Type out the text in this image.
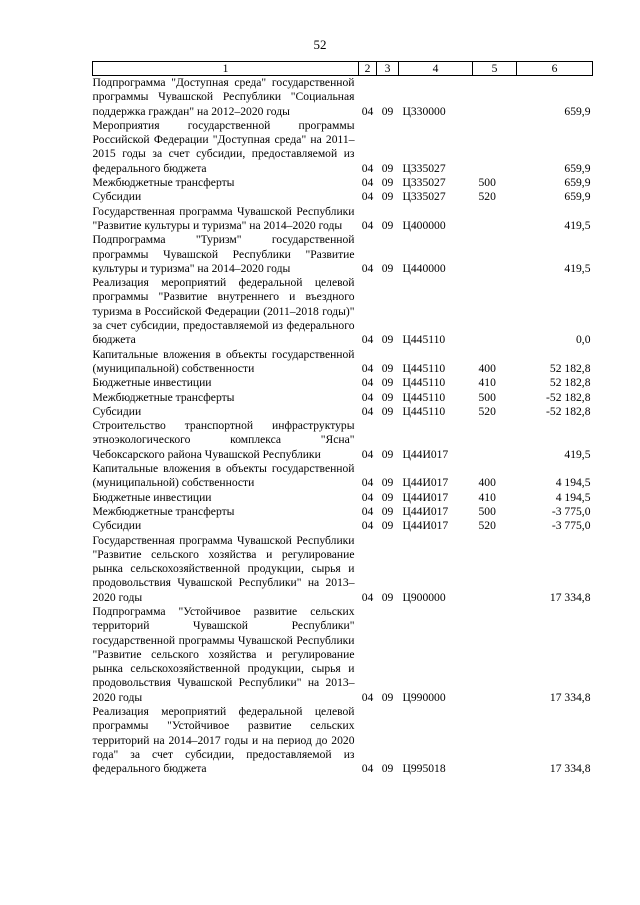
52
1	2	3	4	5	6
Подпрограмма "Доступная среда" государственной программы Чувашской Республики "Социальная поддержка граждан" на 2012–2020 годы	04	09	Ц330000		659,9
Мероприятия государственной программы Российской Федерации "Доступная среда" на 2011–2015 годы за счет субсидии, предоставляемой из федерального бюджета	04	09	Ц335027		659,9
Межбюджетные трансферты	04	09	Ц335027	500	659,9
Субсидии	04	09	Ц335027	520	659,9
Государственная программа Чувашской Республики "Развитие культуры и туризма" на 2014–2020 годы	04	09	Ц400000		419,5
Подпрограмма "Туризм" государственной программы Чувашской Республики "Развитие культуры и туризма" на 2014–2020 годы	04	09	Ц440000		419,5
Реализация мероприятий федеральной целевой программы "Развитие внутреннего и въездного туризма в Российской Федерации (2011–2018 годы)" за счет субсидии, предоставляемой из федерального бюджета	04	09	Ц445110		0,0
Капитальные вложения в объекты государственной (муниципальной) собственности	04	09	Ц445110	400	52 182,8
Бюджетные инвестиции	04	09	Ц445110	410	52 182,8
Межбюджетные трансферты	04	09	Ц445110	500	-52 182,8
Субсидии	04	09	Ц445110	520	-52 182,8
Строительство транспортной инфраструктуры этноэкологического комплекса "Ясна" Чебоксарского района Чувашской Республики	04	09	Ц44И017		419,5
Капитальные вложения в объекты государственной (муниципальной) собственности	04	09	Ц44И017	400	4 194,5
Бюджетные инвестиции	04	09	Ц44И017	410	4 194,5
Межбюджетные трансферты	04	09	Ц44И017	500	-3 775,0
Субсидии	04	09	Ц44И017	520	-3 775,0
Государственная программа Чувашской Республики "Развитие сельского хозяйства и регулирование рынка сельскохозяйственной продукции, сырья и продовольствия Чувашской Республики" на 2013–2020 годы	04	09	Ц900000		17 334,8
Подпрограмма "Устойчивое развитие сельских территорий Чувашской Республики" государственной программы Чувашской Республики "Развитие сельского хозяйства и регулирование рынка сельскохозяйственной продукции, сырья и продовольствия Чувашской Республики" на 2013–2020 годы	04	09	Ц990000		17 334,8
Реализация мероприятий федеральной целевой программы "Устойчивое развитие сельских территорий на 2014–2017 годы и на период до 2020 года" за счет субсидии, предоставляемой из федерального бюджета	04	09	Ц995018		17 334,8
